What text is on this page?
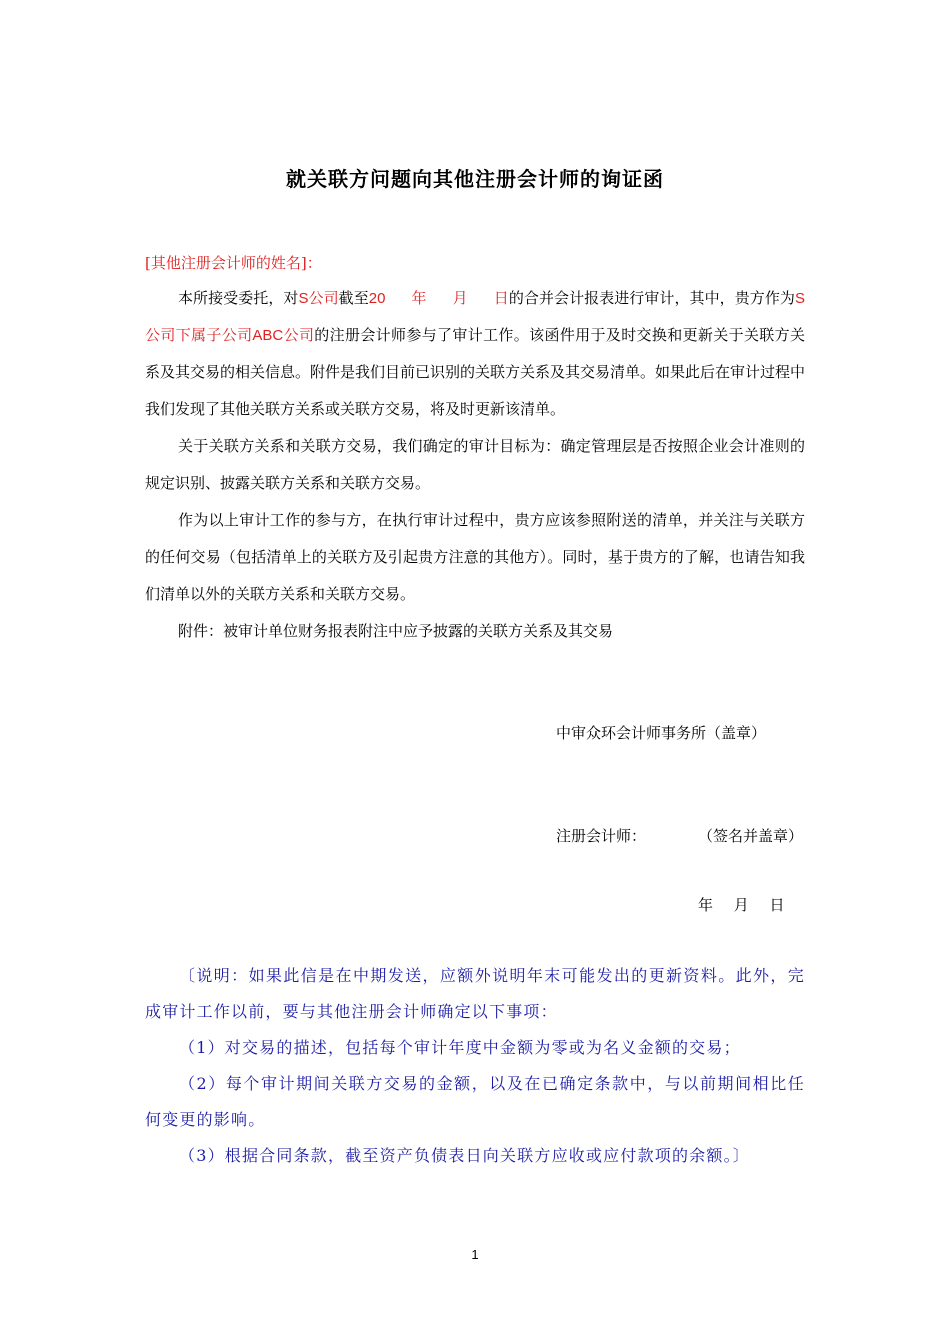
就关联方问题向其他注册会计师的询证函
[其他注册会计师的姓名]：

本所接受委托，对S公司截至20 年 月 日的合并会计报表进行审计，其中，贵方作为S公司下属子公司ABC公司的注册会计师参与了审计工作。该函件用于及时交换和更新关于关联方关系及其交易的相关信息。附件是我们目前已识别的关联方关系及其交易清单。如果此后在审计过程中我们发现了其他关联方关系或关联方交易，将及时更新该清单。

关于关联方关系和关联方交易，我们确定的审计目标为：确定管理层是否按照企业会计准则的规定识别、披露关联方关系和关联方交易。

作为以上审计工作的参与方，在执行审计过程中，贵方应该参照附送的清单，并关注与关联方的任何交易（包括清单上的关联方及引起贵方注意的其他方）。同时，基于贵方的了解，也请告知我们清单以外的关联方关系和关联方交易。

附件：被审计单位财务报表附注中应予披露的关联方关系及其交易

中审众环会计师事务所（盖章）
注册会计师：	（签名并盖章）
年 月 日

〔说明：如果此信是在中期发送，应额外说明年末可能发出的更新资料。此外，完成审计工作以前，要与其他注册会计师确定以下事项：

（1）对交易的描述，包括每个审计年度中金额为零或为名义金额的交易；

（2）每个审计期间关联方交易的金额，以及在已确定条款中，与以前期间相比任何变更的影响。

（3）根据合同条款，截至资产负债表日向关联方应收或应付款项的余额。〕

1
